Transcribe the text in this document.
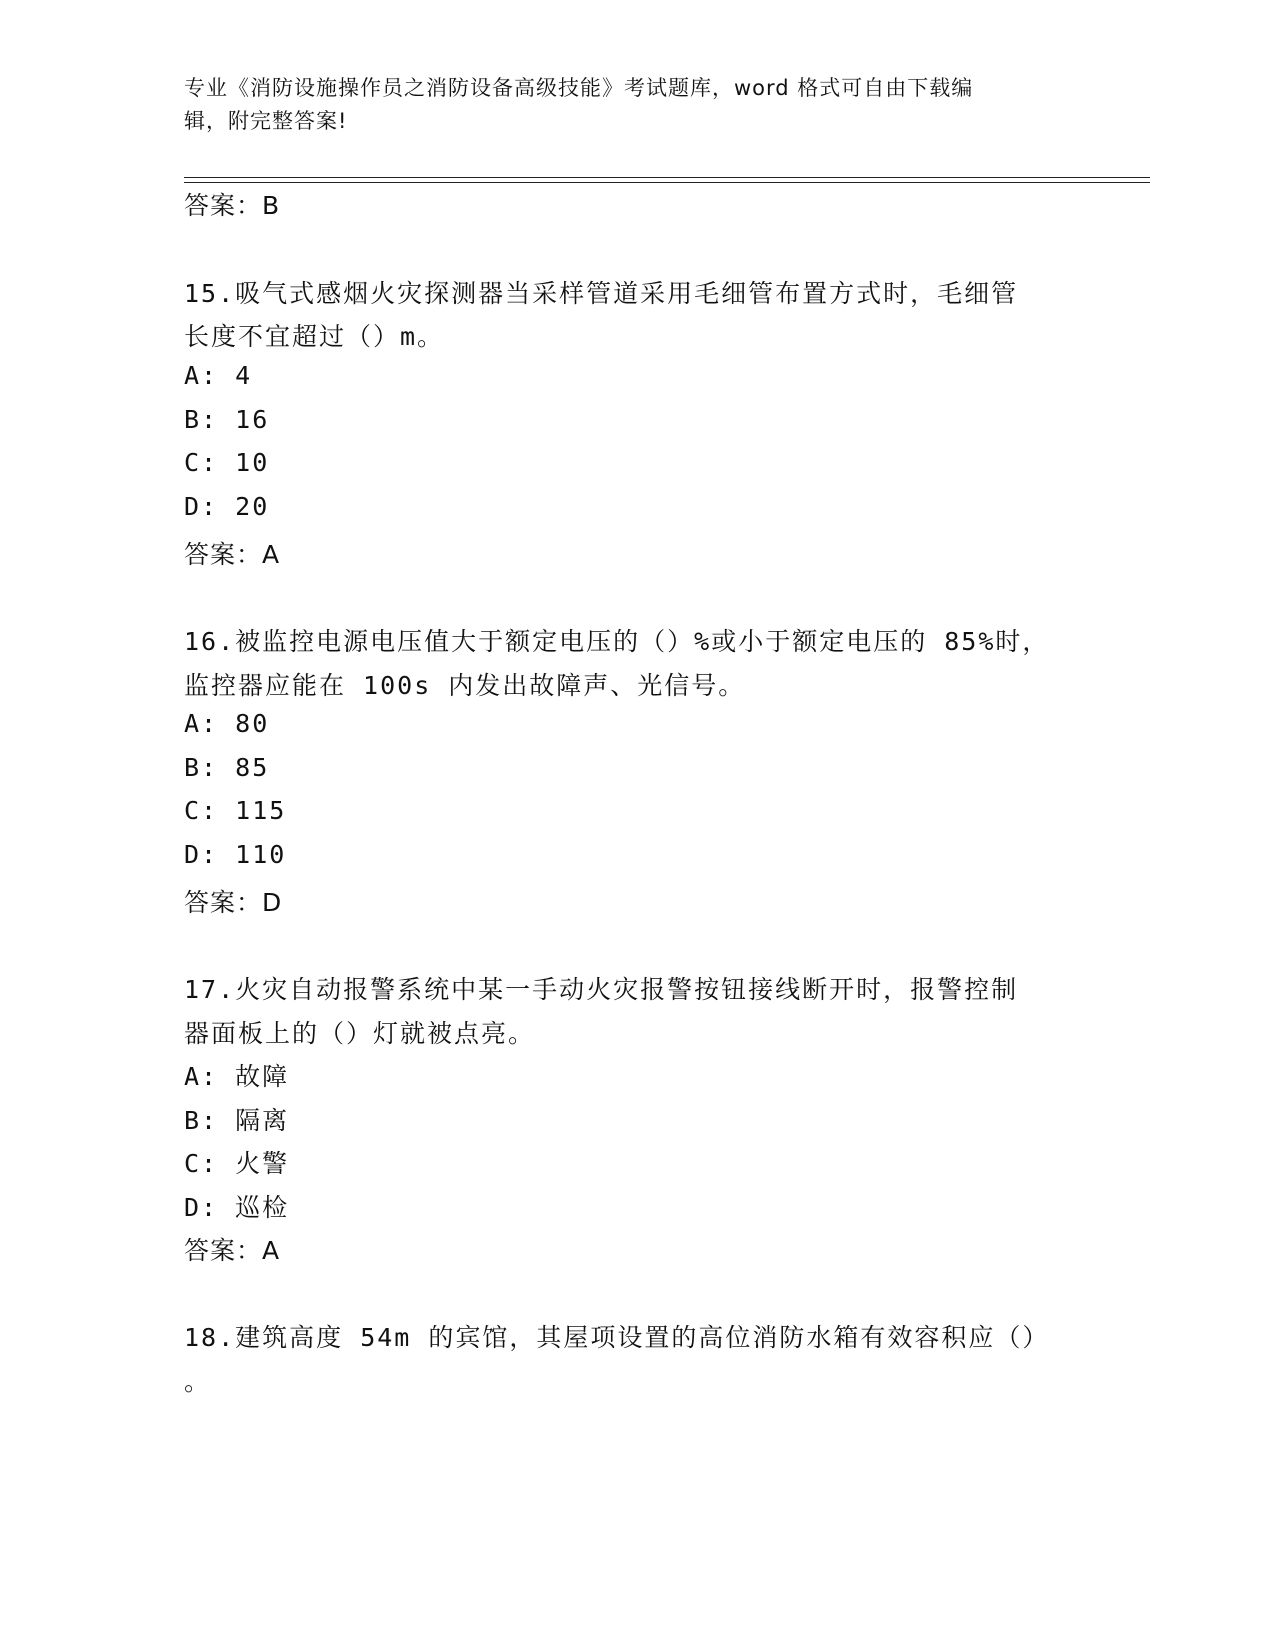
专业《消防设施操作员之消防设备高级技能》考试题库，word 格式可自由下载编
辑，附完整答案!
答案：B
15.吸气式感烟火灾探测器当采样管道采用毛细管布置方式时，毛细管
长度不宜超过（）m。
A: 4
B: 16
C: 10
D: 20
答案：A
16.被监控电源电压值大于额定电压的（）%或小于额定电压的 85%时，
监控器应能在 100s 内发出故障声、光信号。
A: 80
B: 85
C: 115
D: 110
答案：D
17.火灾自动报警系统中某一手动火灾报警按钮接线断开时，报警控制
器面板上的（）灯就被点亮。
A: 故障
B: 隔离
C: 火警
D: 巡检
答案：A
18.建筑高度 54m 的宾馆，其屋项设置的高位消防水箱有效容积应（）
。
